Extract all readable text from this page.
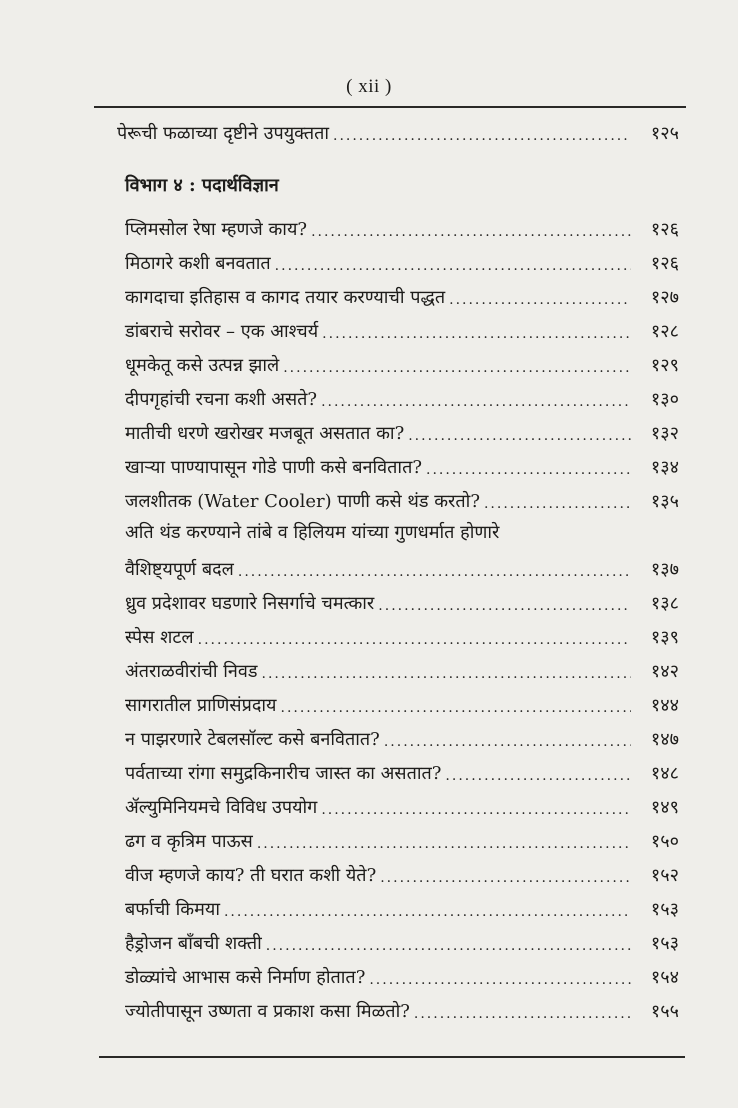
( xii )
पेरूची फळाच्या दृष्टीने उपयुक्तता .....	१२५
विभाग ४ : पदार्थविज्ञान
प्लिमसोल रेषा म्हणजे काय? .....	१२६
मिठागरे कशी बनवतात .....	१२६
कागदाचा इतिहास व कागद तयार करण्याची पद्धत .....	१२७
डांबराचे सरोवर – एक आश्चर्य .....	१२८
धूमकेतू कसे उत्पन्न झाले .....	१२९
दीपगृहांची रचना कशी असते? .....	१३०
मातीची धरणे खरोखर मजबूत असतात का? .....	१३२
खाऱ्या पाण्यापासून गोडे पाणी कसे बनवितात? .....	१३४
जलशीतक (Water Cooler) पाणी कसे थंड करतो? .....	१३५
अति थंड करण्याने तांबे व हिलियम यांच्या गुणधर्मात होणारे
वैशिष्ट्यपूर्ण बदल .....	१३७
ध्रुव प्रदेशावर घडणारे निसर्गाचे चमत्कार .....	१३८
स्पेस शटल .....	१३९
अंतराळवीरांची निवड .....	१४२
सागरातील प्राणिसंप्रदाय .....	१४४
न पाझरणारे टेबलसॉल्ट कसे बनवितात? .....	१४७
पर्वताच्या रांगा समुद्रकिनारीच जास्त का असतात? .....	१४८
ॲल्युमिनियमचे विविध उपयोग .....	१४९
ढग व कृत्रिम पाऊस .....	१५०
वीज म्हणजे काय? ती घरात कशी येते? .....	१५२
बर्फाची किमया .....	१५३
हैड्रोजन बाँबची शक्ती .....	१५३
डोळ्यांचे आभास कसे निर्माण होतात? .....	१५४
ज्योतीपासून उष्णता व प्रकाश कसा मिळतो? .....	१५५
